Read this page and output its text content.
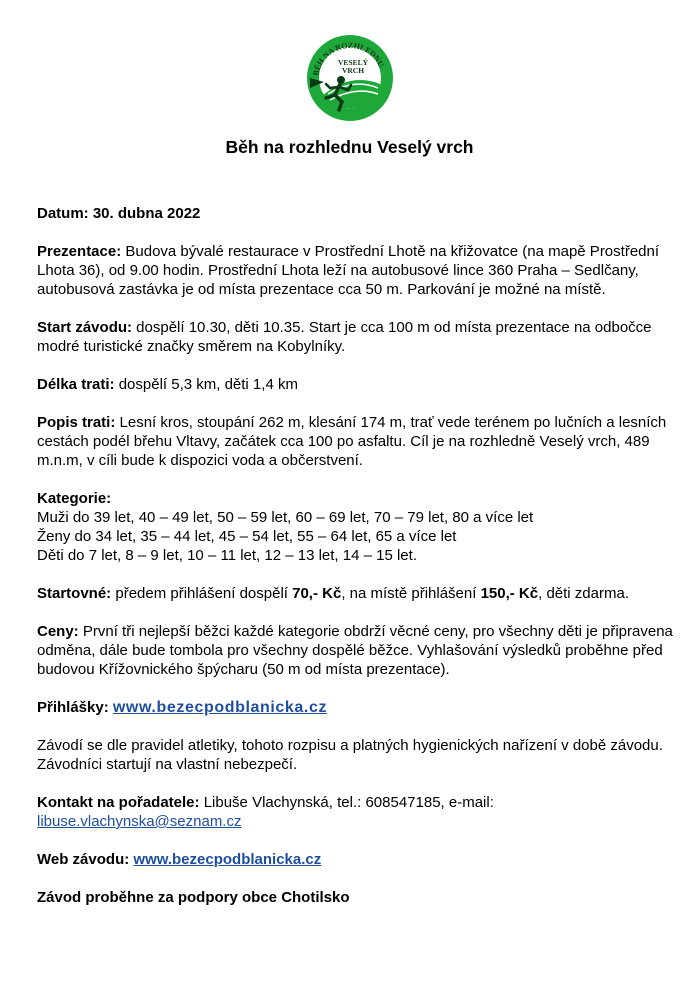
BĚH NA ROZHLEDNU
VESELÝ
VRCH
Běh na rozhlednu Veselý vrch

Datum: 30. dubna 2022

Prezentace: Budova bývalé restaurace v Prostřední Lhotě na křižovatce (na mapě Prostřední Lhota 36), od 9.00 hodin. Prostřední Lhota leží na autobusové lince 360 Praha – Sedlčany, autobusová zastávka je od místa prezentace cca 50 m. Parkování je možné na místě.

Start závodu: dospělí 10.30, děti 10.35. Start je cca 100 m od místa prezentace na odbočce modré turistické značky směrem na Kobylníky.

Délka trati: dospělí 5,3 km, děti 1,4 km

Popis trati: Lesní kros, stoupání 262 m, klesání 174 m, trať vede terénem po lučních a lesních cestách podél břehu Vltavy, začátek cca 100 po asfaltu. Cíl je na rozhledně Veselý vrch, 489 m.n.m, v cíli bude k dispozici voda a občerstvení.

Kategorie:
Muži do 39 let, 40 – 49 let, 50 – 59 let, 60 – 69 let, 70 – 79 let, 80 a více let
Ženy do 34 let, 35 – 44 let, 45 – 54 let, 55 – 64 let, 65 a více let
Děti do 7 let, 8 – 9 let, 10 – 11 let, 12 – 13 let, 14 – 15 let.

Startovné: předem přihlášení dospělí 70,- Kč, na místě přihlášení 150,- Kč, děti zdarma.

Ceny: První tři nejlepší běžci každé kategorie obdrží věcné ceny, pro všechny děti je připravena odměna, dále bude tombola pro všechny dospělé běžce. Vyhlašování výsledků proběhne před budovou Křížovnického špýcharu (50 m od místa prezentace).

Přihlášky: www.bezecpodblanicka.cz

Závodí se dle pravidel atletiky, tohoto rozpisu a platných hygienických nařízení v době závodu. Závodníci startují na vlastní nebezpečí.

Kontakt na pořadatele: Libuše Vlachynská, tel.: 608547185, e-mail:
libuse.vlachynska@seznam.cz

Web závodu: www.bezecpodblanicka.cz

Závod proběhne za podpory obce Chotilsko
